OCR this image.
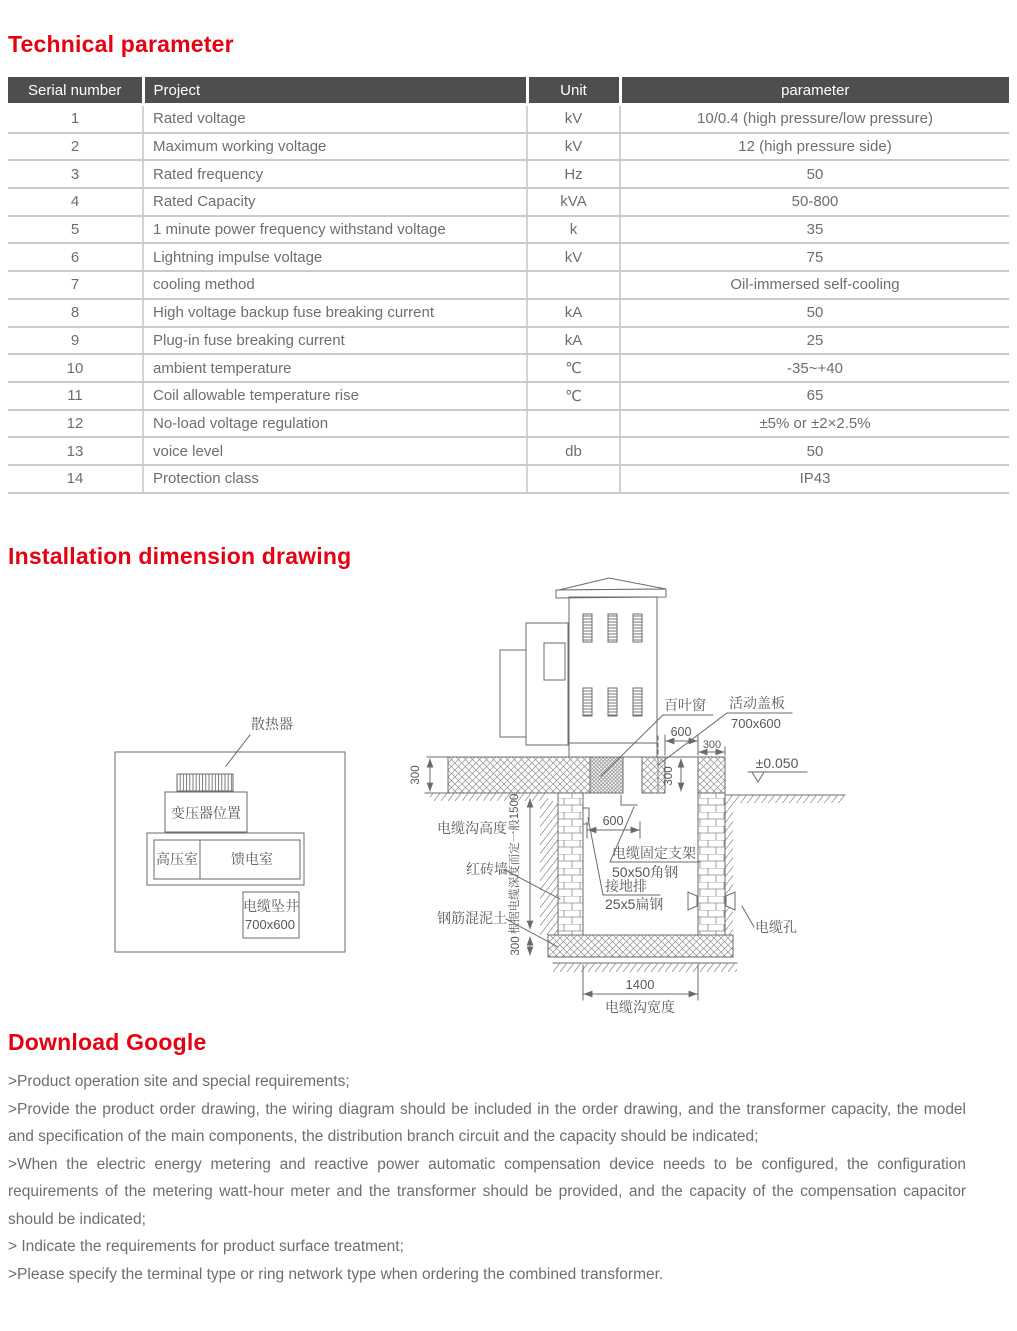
Technical parameter
Serial number	Project	Unit	parameter
1	Rated voltage	kV	10/0.4 (high pressure/low pressure)
2	Maximum working voltage	kV	12 (high pressure side)
3	Rated frequency	Hz	50
4	Rated Capacity	kVA	50-800
5	1 minute power frequency withstand voltage	k	35
6	Lightning impulse voltage	kV	75
7	cooling method		Oil-immersed self-cooling
8	High voltage backup fuse breaking current	kA	50
9	Plug-in fuse breaking current	kA	25
10	ambient temperature	℃	-35~+40
11	Coil allowable temperature rise	℃	65
12	No-load voltage regulation		±5% or ±2×2.5%
13	voice level	db	50
14	Protection class		IP43
Installation dimension drawing
散热器
变压器位置
高压室 馈电室
电缆坠井
700x600
百叶窗 活动盖板
700x600
600
300
±0.050
300
300
电缆沟高度 根据电缆深度而定一般1500
红砖墙
钢筋混泥土
300
600
电缆固定支架
50x50角钢
接地排
25x5扁钢
电缆孔
1400
电缆沟宽度
Download Google

>Product operation site and special requirements;

>Provide the product order drawing, the wiring diagram should be included in the order drawing, and the transformer capacity, the model and specification of the main components, the distribution branch circuit and the capacity should be indicated;

>When the electric energy metering and reactive power automatic compensation device needs to be configured, the configuration requirements of the metering watt-hour meter and the transformer should be provided, and the capacity of the compensation capacitor should be indicated;

> Indicate the requirements for product surface treatment;

>Please specify the terminal type or ring network type when ordering the combined transformer.
